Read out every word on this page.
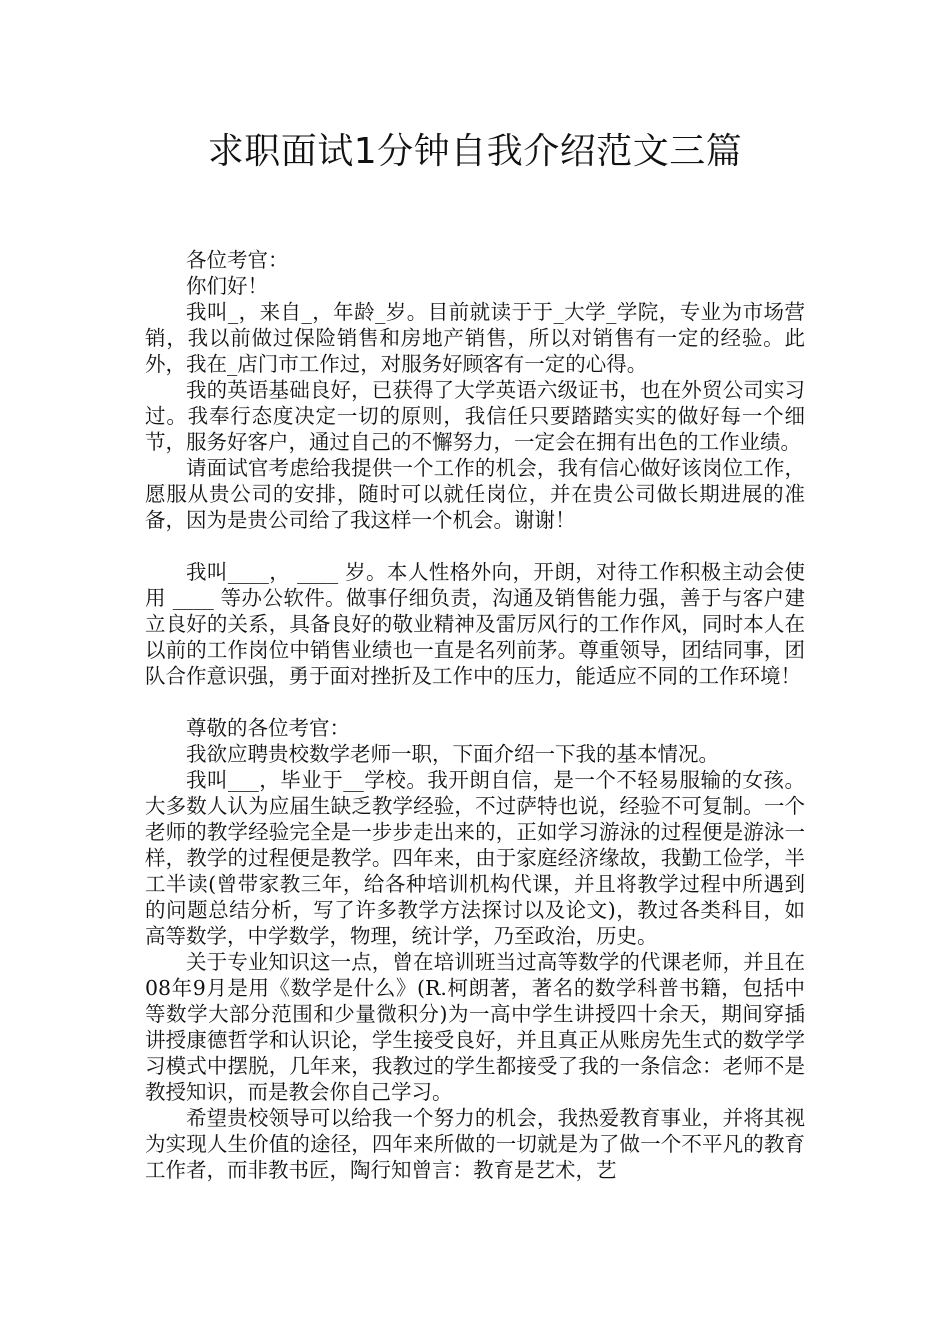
求职面试1分钟自我介绍范文三篇

各位考官：

你们好！

我叫_，来自_，年龄_岁。目前就读于于_大学_学院，专业为市场营销，我以前做过保险销售和房地产销售，所以对销售有一定的经验。此外，我在_店门市工作过，对服务好顾客有一定的心得。

我的英语基础良好，已获得了大学英语六级证书，也在外贸公司实习过。我奉行态度决定一切的原则，我信任只要踏踏实实的做好每一个细节，服务好客户，通过自己的不懈努力，一定会在拥有出色的工作业绩。

请面试官考虑给我提供一个工作的机会，我有信心做好该岗位工作，愿服从贵公司的安排，随时可以就任岗位，并在贵公司做长期进展的准备，因为是贵公司给了我这样一个机会。谢谢！

我叫____， ____ 岁。本人性格外向，开朗，对待工作积极主动会使用 ____ 等办公软件。做事仔细负责，沟通及销售能力强，善于与客户建立良好的关系，具备良好的敬业精神及雷厉风行的工作作风，同时本人在以前的工作岗位中销售业绩也一直是名列前茅。尊重领导，团结同事，团队合作意识强，勇于面对挫折及工作中的压力，能适应不同的工作环境！

尊敬的各位考官：

我欲应聘贵校数学老师一职，下面介绍一下我的基本情况。

我叫___，毕业于__学校。我开朗自信，是一个不轻易服输的女孩。大多数人认为应届生缺乏教学经验，不过萨特也说，经验不可复制。一个老师的教学经验完全是一步步走出来的，正如学习游泳的过程便是游泳一样，教学的过程便是教学。四年来，由于家庭经济缘故，我勤工俭学，半工半读(曾带家教三年，给各种培训机构代课，并且将教学过程中所遇到的问题总结分析，写了许多教学方法探讨以及论文)，教过各类科目，如高等数学，中学数学，物理，统计学，乃至政治，历史。

关于专业知识这一点，曾在培训班当过高等数学的代课老师，并且在08年9月是用《数学是什么》(R.柯朗著，著名的数学科普书籍，包括中等数学大部分范围和少量微积分)为一高中学生讲授四十余天，期间穿插讲授康德哲学和认识论，学生接受良好，并且真正从账房先生式的数学学习模式中摆脱，几年来，我教过的学生都接受了我的一条信念：老师不是教授知识，而是教会你自己学习。

希望贵校领导可以给我一个努力的机会，我热爱教育事业，并将其视为实现人生价值的途径，四年来所做的一切就是为了做一个不平凡的教育工作者，而非教书匠，陶行知曾言：教育是艺术，艺
